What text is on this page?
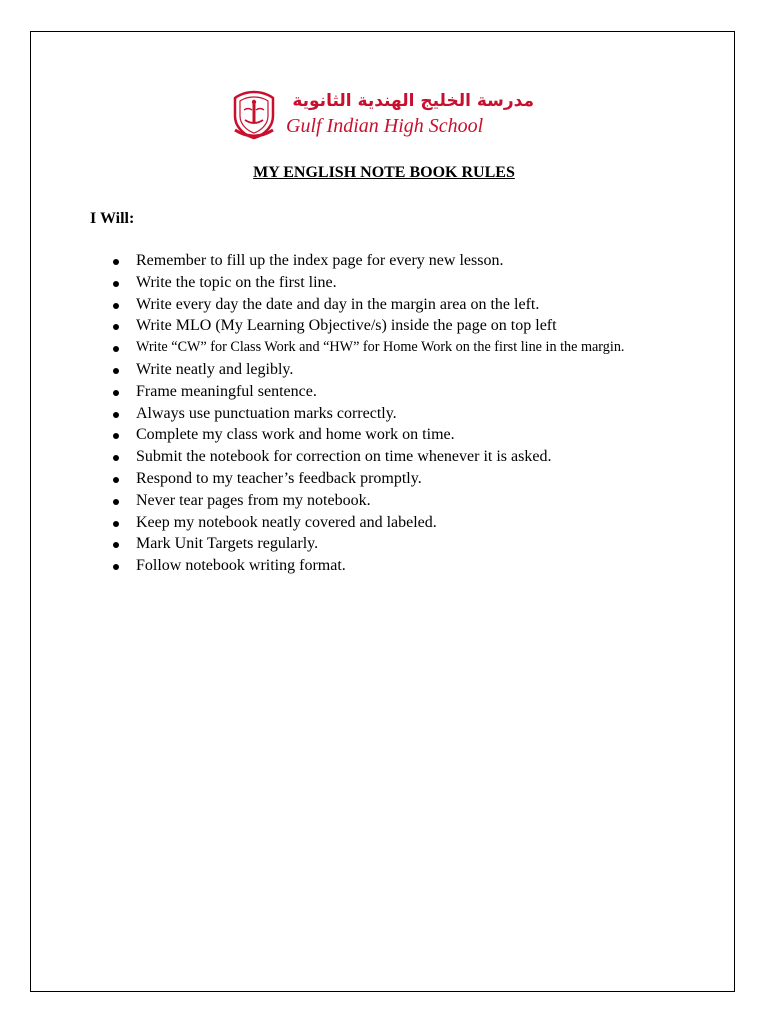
مدرسة الخليج الهندية الثانوية
Gulf Indian High School
MY ENGLISH NOTE BOOK RULES
I Will:
Remember to fill up the index page for every new lesson.
Write the topic on the first line.
Write every day the date and day in the margin area on the left.
Write MLO (My Learning Objective/s) inside the page on top left
Write “CW” for Class Work and “HW” for Home Work on the first line in the margin.
Write neatly and legibly.
Frame meaningful sentence.
Always use punctuation marks correctly.
Complete my class work and home work on time.
Submit the notebook for correction on time whenever it is asked.
Respond to my teacher’s feedback promptly.
Never tear pages from my notebook.
Keep my notebook neatly covered and labeled.
Mark Unit Targets regularly.
Follow notebook writing format.
